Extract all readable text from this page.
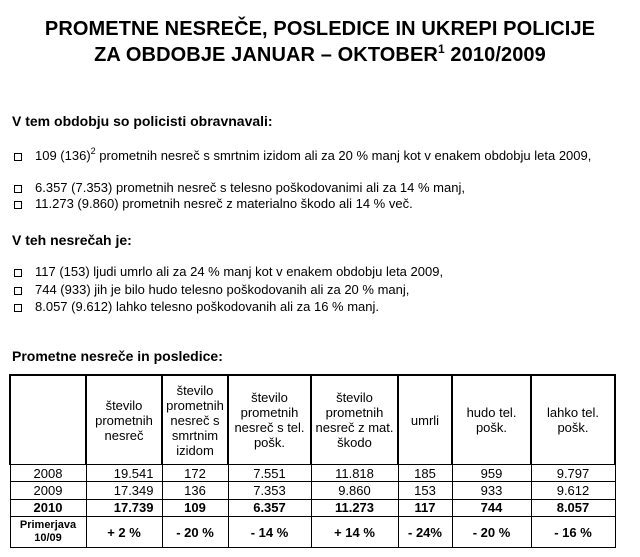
PROMETNE NESREČE, POSLEDICE IN UKREPI POLICIJE
ZA OBDOBJE JANUAR – OKTOBER$^1$ 2010/2009
V tem obdobju so policisti obravnavali:
109 $(136)^2$ prometnih nesreč s smrtnim izidom ali za 20 % manj kot v enakem obdobju leta 2009,
6.357 (7.353) prometnih nesreč s telesno poškodovanimi ali za 14 % manj,
11.273 (9.860) prometnih nesreč z materialno škodo ali 14 % več.
V teh nesrečah je:
117 (153) ljudi umrlo ali za 24 % manj kot v enakem obdobju leta 2009,
744 (933) jih je bilo hudo telesno poškodovanih ali za 20 % manj,
8.057 (9.612) lahko telesno poškodovanih ali za 16 % manj.
Prometne nesreče in posledice:
	število prometnih nesreč	število prometnih nesreč s smrtnim izidom	število prometnih nesreč s tel. pošk.	število prometnih nesreč z mat. škodo	umrli	hudo tel. pošk.	lahko tel. pošk.
2008	19.541	172	7.551	11.818	185	959	9.797
2009	17.349	136	7.353	9.860	153	933	9.612
2010	17.739	109	6.357	11.273	117	744	8.057
Primerjava 10/09	+ 2 %	- 20 %	- 14 %	+ 14 %	- 24%	- 20 %	- 16 %
